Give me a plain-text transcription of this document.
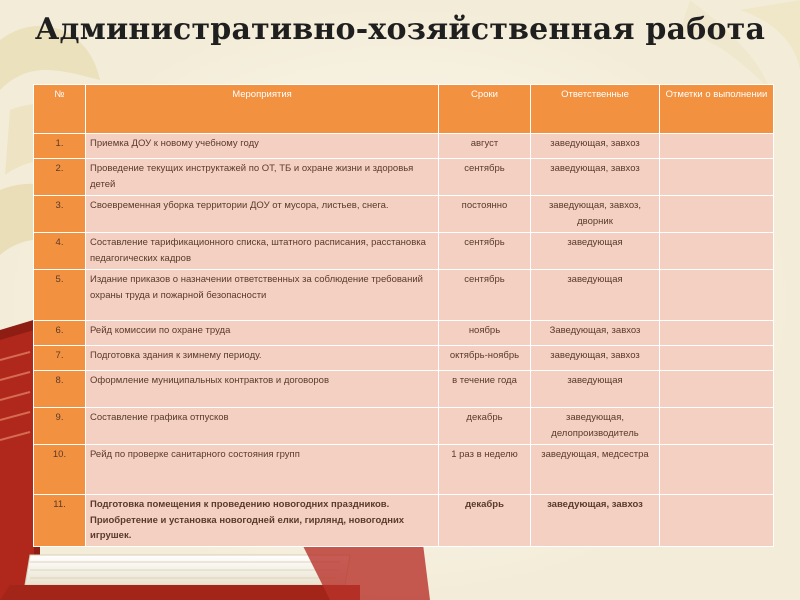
Административно-хозяйственная работа
№	Мероприятия	Сроки	Ответственные	Отметки о выполнении
1.	Приемка ДОУ к новому учебному году	август	заведующая, завхоз	
2.	Проведение текущих инструктажей по ОТ, ТБ и охране жизни и здоровья детей	сентябрь	заведующая, завхоз	
3.	Своевременная уборка территории ДОУ от мусора, листьев, снега.	постоянно	заведующая, завхоз, дворник	
4.	Составление тарификационного списка, штатного расписания, расстановка педагогических кадров	сентябрь	заведующая	
5.	Издание приказов о назначении ответственных за соблюдение требований охраны труда и пожарной безопасности	сентябрь	заведующая	
6.	Рейд комиссии по охране труда	ноябрь	Заведующая, завхоз	
7.	Подготовка здания к зимнему периоду.	октябрь-ноябрь	заведующая, завхоз	
8.	Оформление муниципальных контрактов и договоров	в течение года	заведующая	
9.	Составление графика отпусков	декабрь	заведующая, делопроизводитель	
10.	Рейд по проверке санитарного состояния групп	1 раз в неделю	заведующая, медсестра	
11.	Подготовка помещения к проведению новогодних праздников. Приобретение и установка новогодней елки, гирлянд, новогодних игрушек.	декабрь	заведующая, завхоз	
